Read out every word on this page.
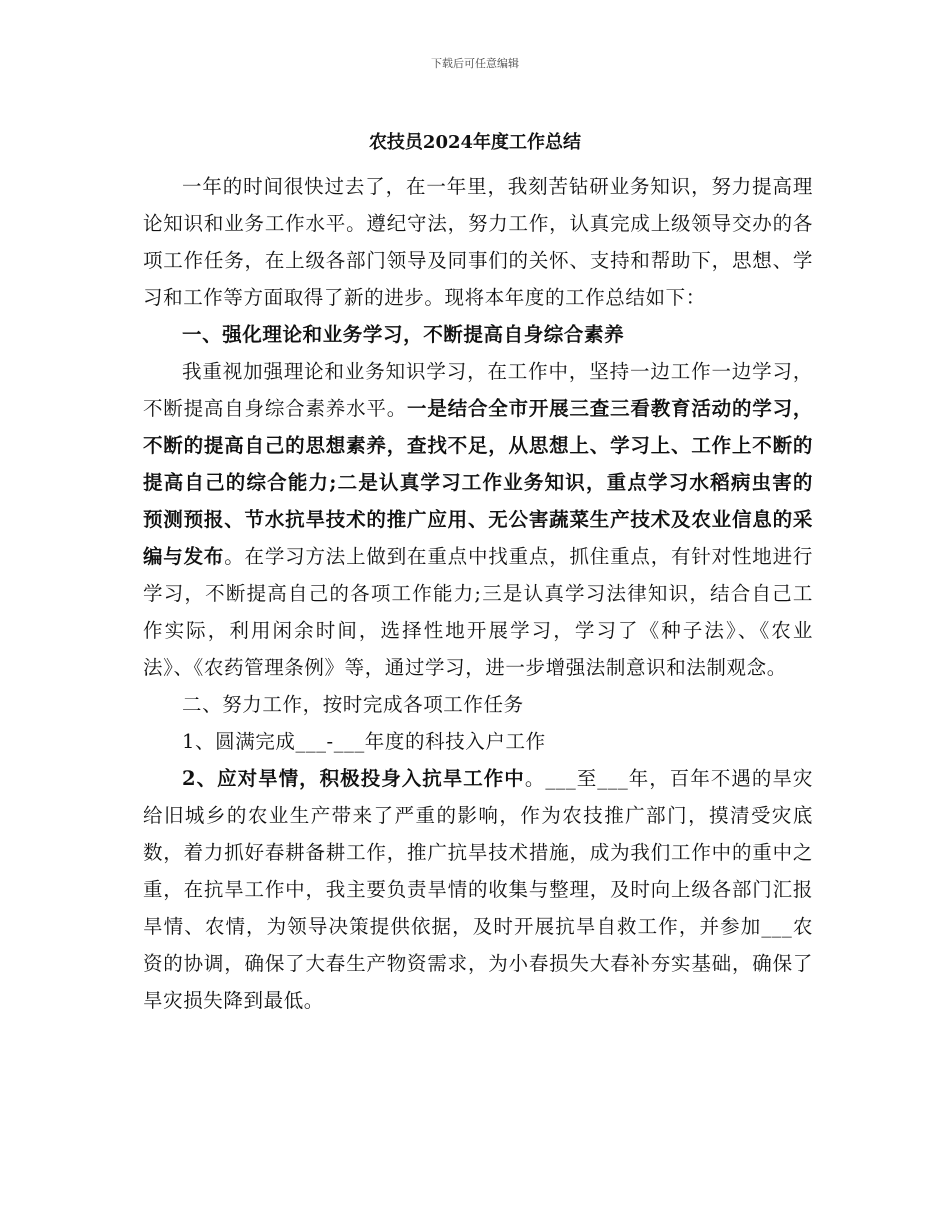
下载后可任意编辑
农技员2024年度工作总结

一年的时间很快过去了，在一年里，我刻苦钻研业务知识，努力提高理论知识和业务工作水平。遵纪守法，努力工作，认真完成上级领导交办的各项工作任务，在上级各部门领导及同事们的关怀、支持和帮助下，思想、学习和工作等方面取得了新的进步。现将本年度的工作总结如下：

一、强化理论和业务学习，不断提高自身综合素养

我重视加强理论和业务知识学习，在工作中，坚持一边工作一边学习，不断提高自身综合素养水平。一是结合全市开展三查三看教育活动的学习，不断的提高自己的思想素养，查找不足，从思想上、学习上、工作上不断的提高自己的综合能力;二是认真学习工作业务知识，重点学习水稻病虫害的预测预报、节水抗旱技术的推广应用、无公害蔬菜生产技术及农业信息的采编与发布。在学习方法上做到在重点中找重点，抓住重点，有针对性地进行学习，不断提高自己的各项工作能力;三是认真学习法律知识，结合自己工作实际，利用闲余时间，选择性地开展学习，学习了《种子法》、《农业法》、《农药管理条例》等，通过学习，进一步增强法制意识和法制观念。

二、努力工作，按时完成各项工作任务

1、圆满完成___-___年度的科技入户工作

2、应对旱情，积极投身入抗旱工作中。___至___年，百年不遇的旱灾给旧城乡的农业生产带来了严重的影响，作为农技推广部门，摸清受灾底数，着力抓好春耕备耕工作，推广抗旱技术措施，成为我们工作中的重中之重，在抗旱工作中，我主要负责旱情的收集与整理，及时向上级各部门汇报旱情、农情，为领导决策提供依据，及时开展抗旱自救工作，并参加___农资的协调，确保了大春生产物资需求，为小春损失大春补夯实基础，确保了旱灾损失降到最低。
